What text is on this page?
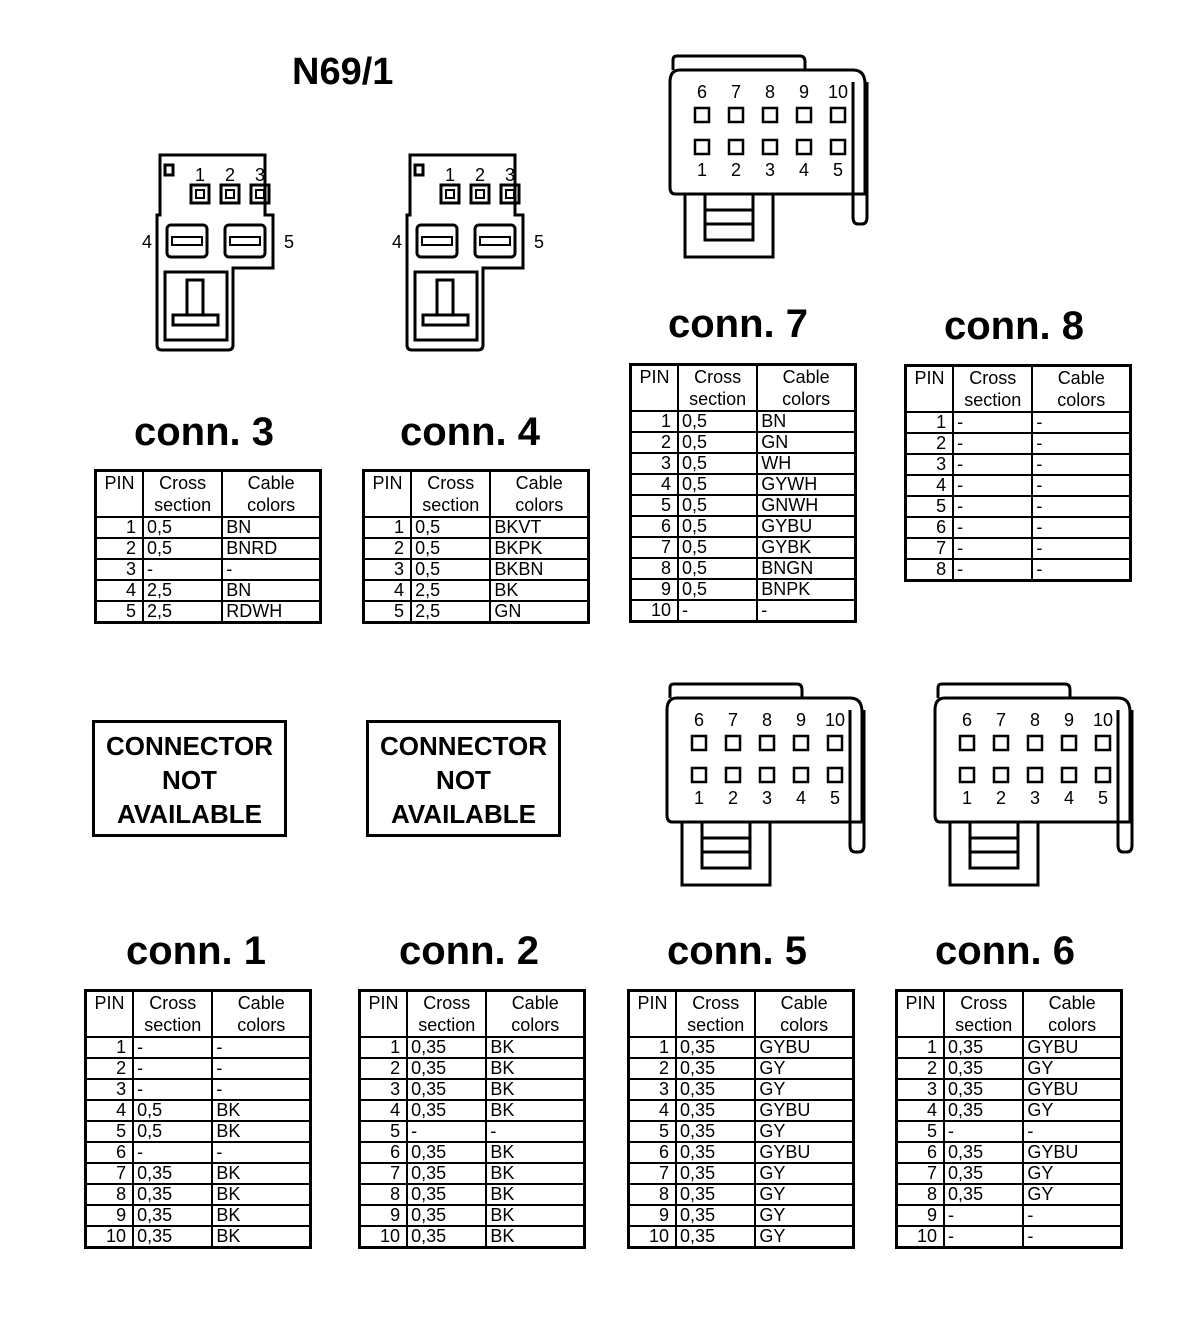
N69/1
1 2 3
4	5
1 2 3
4	5
6
1
7
2
8
3
9
4
10
5
6
1
7
2
8
3
9
4
10
5
6
1
7
2
8
3
9
4
10
5
conn. 3	conn. 4
conn. 7	conn. 8
conn. 1	conn. 2	conn. 5	conn. 6
PIN	Cross section	Cable colors
1	0,5	BN
2	0,5	BNRD
3	-	-
4	2,5	BN
5	2,5	RDWH
PIN	Cross section	Cable colors
1	0,5	BKVT
2	0,5	BKPK
3	0,5	BKBN
4	2,5	BK
5	2,5	GN
PIN	Cross section	Cable colors
1	0,5	BN
2	0,5	GN
3	0,5	WH
4	0,5	GYWH
5	0,5	GNWH
6	0,5	GYBU
7	0,5	GYBK
8	0,5	BNGN
9	0,5	BNPK
10	-	-
PIN	Cross section	Cable colors
1	-	-
2	-	-
3	-	-
4	-	-
5	-	-
6	-	-
7	-	-
8	-	-
PIN	Cross section	Cable colors
1	-	-
2	-	-
3	-	-
4	0,5	BK
5	0,5	BK
6	-	-
7	0,35	BK
8	0,35	BK
9	0,35	BK
10	0,35	BK
PIN	Cross section	Cable colors
1	0,35	BK
2	0,35	BK
3	0,35	BK
4	0,35	BK
5	-	-
6	0,35	BK
7	0,35	BK
8	0,35	BK
9	0,35	BK
10	0,35	BK
PIN	Cross section	Cable colors
1	0,35	GYBU
2	0,35	GY
3	0,35	GY
4	0,35	GYBU
5	0,35	GY
6	0,35	GYBU
7	0,35	GY
8	0,35	GY
9	0,35	GY
10	0,35	GY
PIN	Cross section	Cable colors
1	0,35	GYBU
2	0,35	GY
3	0,35	GYBU
4	0,35	GY
5	-	-
6	0,35	GYBU
7	0,35	GY
8	0,35	GY
9	-	-
10	-	-
CONNECTOR
NOT
AVAILABLE
CONNECTOR
NOT
AVAILABLE
